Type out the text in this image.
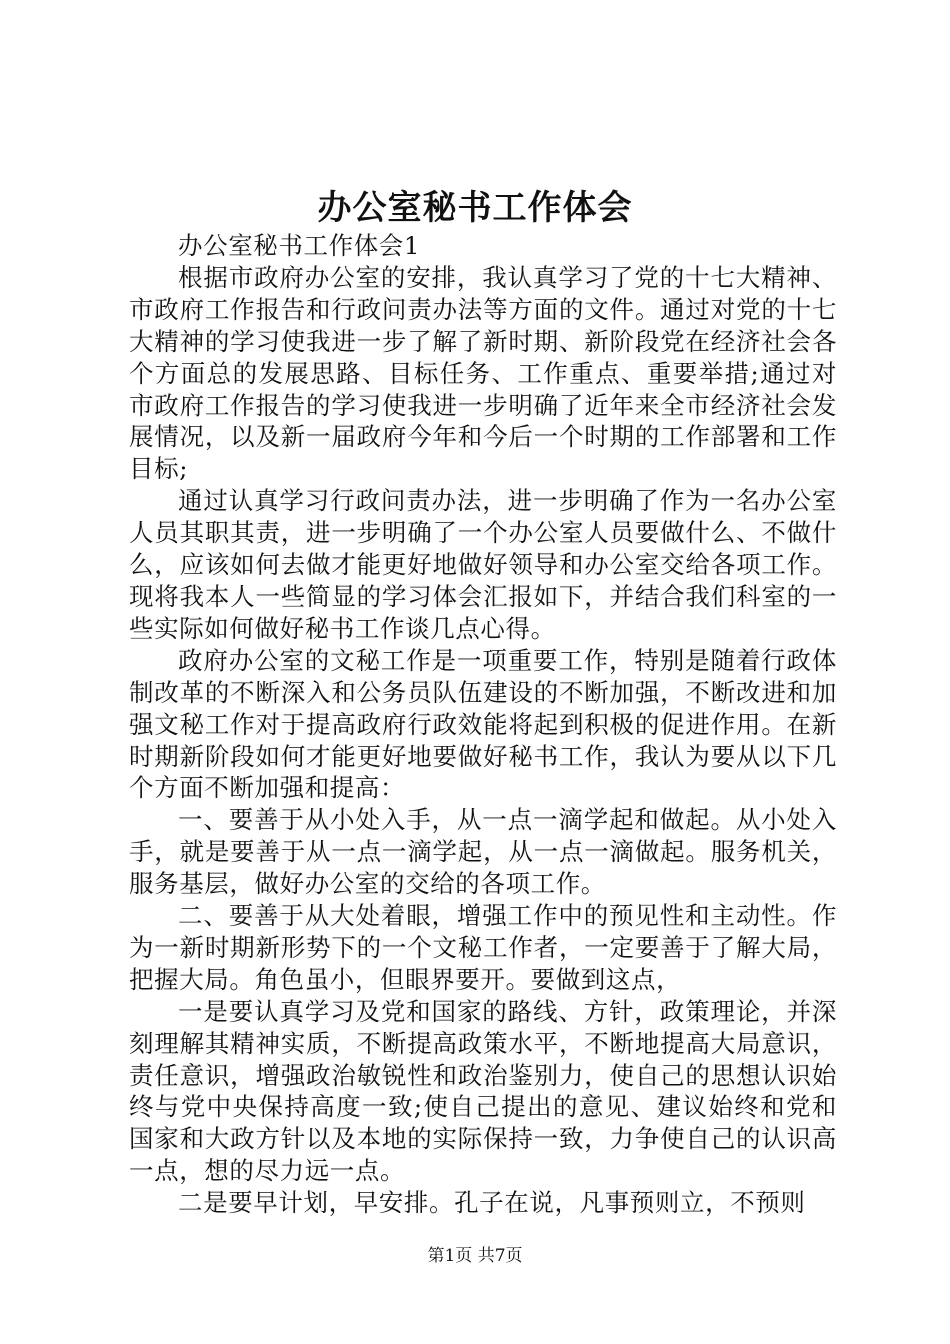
办公室秘书工作体会

办公室秘书工作体会1

根据市政府办公室的安排，我认真学习了党的十七大精神、市政府工作报告和行政问责办法等方面的文件。通过对党的十七大精神的学习使我进一步了解了新时期、新阶段党在经济社会各个方面总的发展思路、目标任务、工作重点、重要举措;通过对市政府工作报告的学习使我进一步明确了近年来全市经济社会发展情况，以及新一届政府今年和今后一个时期的工作部署和工作目标;

通过认真学习行政问责办法，进一步明确了作为一名办公室人员其职其责，进一步明确了一个办公室人员要做什么、不做什么，应该如何去做才能更好地做好领导和办公室交给各项工作。现将我本人一些简显的学习体会汇报如下，并结合我们科室的一些实际如何做好秘书工作谈几点心得。

政府办公室的文秘工作是一项重要工作，特别是随着行政体制改革的不断深入和公务员队伍建设的不断加强，不断改进和加强文秘工作对于提高政府行政效能将起到积极的促进作用。在新时期新阶段如何才能更好地要做好秘书工作，我认为要从以下几个方面不断加强和提高：

一、要善于从小处入手，从一点一滴学起和做起。从小处入手，就是要善于从一点一滴学起，从一点一滴做起。服务机关，服务基层，做好办公室的交给的各项工作。

二、要善于从大处着眼，增强工作中的预见性和主动性。作为一新时期新形势下的一个文秘工作者，一定要善于了解大局，把握大局。角色虽小，但眼界要开。要做到这点，

一是要认真学习及党和国家的路线、方针，政策理论，并深刻理解其精神实质，不断提高政策水平，不断地提高大局意识，责任意识，增强政治敏锐性和政治鉴别力，使自己的思想认识始终与党中央保持高度一致;使自己提出的意见、建议始终和党和国家和大政方针以及本地的实际保持一致，力争使自己的认识高一点，想的尽力远一点。

二是要早计划，早安排。孔子在说，凡事预则立，不预则

第1页 共7页
